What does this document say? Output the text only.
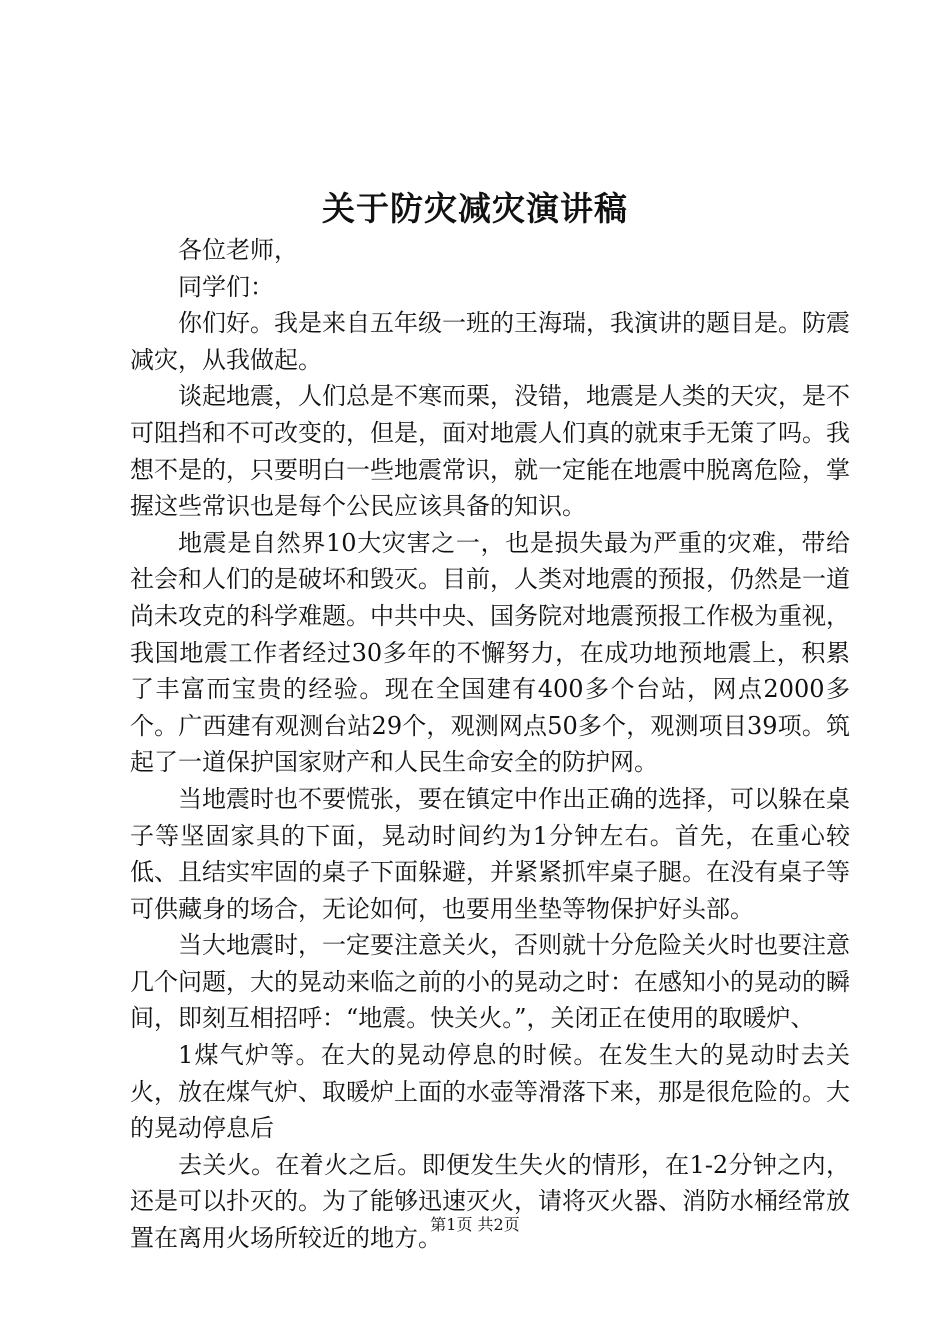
关于防灾减灾演讲稿

各位老师，

同学们：

你们好。我是来自五年级一班的王海瑞，我演讲的题目是。防震减灾，从我做起。

谈起地震，人们总是不寒而栗，没错，地震是人类的天灾，是不可阻挡和不可改变的，但是，面对地震人们真的就束手无策了吗。我想不是的，只要明白一些地震常识，就一定能在地震中脱离危险，掌握这些常识也是每个公民应该具备的知识。

地震是自然界10大灾害之一，也是损失最为严重的灾难，带给社会和人们的是破坏和毁灭。目前，人类对地震的预报，仍然是一道尚未攻克的科学难题。中共中央、国务院对地震预报工作极为重视，我国地震工作者经过30多年的不懈努力，在成功地预地震上，积累了丰富而宝贵的经验。现在全国建有400多个台站，网点2000多个。广西建有观测台站29个，观测网点50多个，观测项目39项。筑起了一道保护国家财产和人民生命安全的防护网。

当地震时也不要慌张，要在镇定中作出正确的选择，可以躲在桌子等坚固家具的下面，晃动时间约为1分钟左右。首先，在重心较低、且结实牢固的桌子下面躲避，并紧紧抓牢桌子腿。在没有桌子等可供藏身的场合，无论如何，也要用坐垫等物保护好头部。

当大地震时，一定要注意关火，否则就十分危险关火时也要注意几个问题，大的晃动来临之前的小的晃动之时：在感知小的晃动的瞬间，即刻互相招呼：“地震。快关火。”，关闭正在使用的取暖炉、

1煤气炉等。在大的晃动停息的时候。在发生大的晃动时去关火，放在煤气炉、取暖炉上面的水壶等滑落下来，那是很危险的。大的晃动停息后

去关火。在着火之后。即便发生失火的情形，在1-2分钟之内，还是可以扑灭的。为了能够迅速灭火，请将灭火器、消防水桶经常放置在离用火场所较近的地方。

第1页 共2页
